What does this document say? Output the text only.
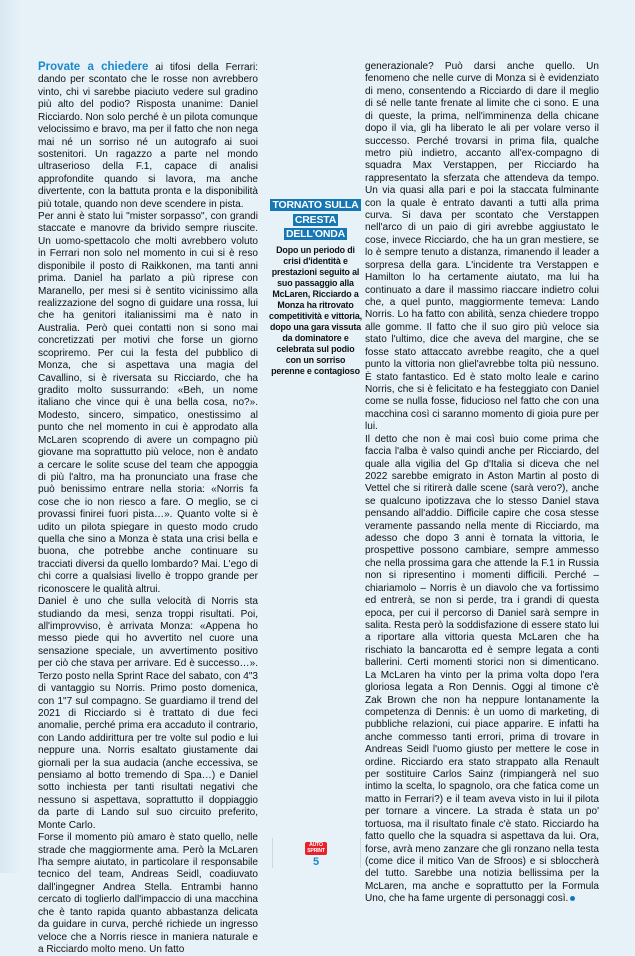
Provate a chiedere ai tifosi della Ferrari: dando per scontato che le rosse non avrebbero vinto, chi vi sarebbe piaciuto vedere sul gradino più alto del podio? Risposta unanime: Daniel Ricciardo. Non solo perché è un pilota comunque velocissimo e bravo, ma per il fatto che non nega mai né un sorriso né un autografo ai suoi sostenitori. Un ragazzo a parte nel mondo ultraserioso della F.1, capace di analisi approfondite quando si lavora, ma anche divertente, con la battuta pronta e la disponibilità più totale, quando non deve scendere in pista.

Per anni è stato lui "mister sorpasso", con grandi staccate e manovre da brivido sempre riuscite. Un uomo-spettacolo che molti avrebbero voluto in Ferrari non solo nel momento in cui si è reso disponibile il posto di Raikkonen, ma tanti anni prima. Daniel ha parlato a più riprese con Maranello, per mesi si è sentito vicinissimo alla realizzazione del sogno di guidare una rossa, lui che ha genitori italianissimi ma è nato in Australia. Però quei contatti non si sono mai concretizzati per motivi che forse un giorno scopriremo. Per cui la festa del pubblico di Monza, che si aspettava una magia del Cavallino, si è riversata su Ricciardo, che ha gradito molto sussurrando: «Beh, un nome italiano che vince qui è una bella cosa, no?». Modesto, sincero, simpatico, onestissimo al punto che nel momento in cui è approdato alla McLaren scoprendo di avere un compagno più giovane ma soprattutto più veloce, non è andato a cercare le solite scuse del team che appoggia di più l'altro, ma ha pronunciato una frase che può benissimo entrare nella storia: «Norris fa cose che io non riesco a fare. O meglio, se ci provassi finirei fuori pista…». Quanto volte si è udito un pilota spiegare in questo modo crudo quella che sino a Monza è stata una crisi bella e buona, che potrebbe anche continuare su tracciati diversi da quello lombardo? Mai. L'ego di chi corre a qualsiasi livello è troppo grande per riconoscere le qualità altrui.

Daniel è uno che sulla velocità di Norris sta studiando da mesi, senza troppi risultati. Poi, all'improvviso, è arrivata Monza: «Appena ho messo piede qui ho avvertito nel cuore una sensazione speciale, un avvertimento positivo per ciò che stava per arrivare. Ed è successo…». Terzo posto nella Sprint Race del sabato, con 4"3 di vantaggio su Norris. Primo posto domenica, con 1"7 sul compagno. Se guardiamo il trend del 2021 di Ricciardo si è trattato di due feci anomalie, perché prima era accaduto il contrario, con Lando addirittura per tre volte sul podio e lui neppure una. Norris esaltato giustamente dai giornali per la sua audacia (anche eccessiva, se pensiamo al botto tremendo di Spa…) e Daniel sotto inchiesta per tanti risultati negativi che nessuno si aspettava, soprattutto il doppiaggio da parte di Lando sul suo circuito preferito, Monte Carlo.

Forse il momento più amaro è stato quello, nelle strade che maggiormente ama. Però la McLaren l'ha sempre aiutato, in particolare il responsabile tecnico del team, Andreas Seidl, coadiuvato dall'ingegner Andrea Stella. Entrambi hanno cercato di toglierlo dall'impaccio di una macchina che è tanto rapida quanto abbastanza delicata da guidare in curva, perché richiede un ingresso veloce che a Norris riesce in maniera naturale e a Ricciardo molto meno. Un fatto

TORNATO SULLA CRESTA DELL'ONDA
Dopo un periodo di crisi d'identità e prestazioni seguito al suo passaggio alla McLaren, Ricciardo a Monza ha ritrovato competitività e vittoria, dopo una gara vissuta da dominatore e celebrata sul podio con un sorriso perenne e contagioso

generazionale? Può darsi anche quello. Un fenomeno che nelle curve di Monza si è evidenziato di meno, consentendo a Ricciardo di dare il meglio di sé nelle tante frenate al limite che ci sono. E una di queste, la prima, nell'imminenza della chicane dopo il via, gli ha liberato le ali per volare verso il successo. Perché trovarsi in prima fila, qualche metro più indietro, accanto all'ex-compagno di squadra Max Verstappen, per Ricciardo ha rappresentato la sferzata che attendeva da tempo. Un via quasi alla pari e poi la staccata fulminante con la quale è entrato davanti a tutti alla prima curva. Si dava per scontato che Verstappen nell'arco di un paio di giri avrebbe aggiustato le cose, invece Ricciardo, che ha un gran mestiere, se lo è sempre tenuto a distanza, rimanendo il leader a sorpresa della gara. L'incidente tra Verstappen e Hamilton lo ha certamente aiutato, ma lui ha continuato a dare il massimo riaccare indietro colui che, a quel punto, maggiormente temeva: Lando Norris. Lo ha fatto con abilità, senza chiedere troppo alle gomme. Il fatto che il suo giro più veloce sia stato l'ultimo, dice che aveva del margine, che se fosse stato attaccato avrebbe reagito, che a quel punto la vittoria non gliel'avrebbe tolta più nessuno. È stato fantastico. Ed è stato molto leale e carino Norris, che si è felicitato e ha festeggiato con Daniel come se nulla fosse, fiducioso nel fatto che con una macchina così ci saranno momento di gioia pure per lui.

Il detto che non è mai così buio come prima che faccia l'alba è valso quindi anche per Ricciardo, del quale alla vigilia del Gp d'Italia si diceva che nel 2022 sarebbe emigrato in Aston Martin al posto di Vettel che si ritirerà dalle scene (sarà vero?), anche se qualcuno ipotizzava che lo stesso Daniel stava pensando all'addio. Difficile capire che cosa stesse veramente passando nella mente di Ricciardo, ma adesso che dopo 3 anni è tornata la vittoria, le prospettive possono cambiare, sempre ammesso che nella prossima gara che attende la F.1 in Russia non si ripresentino i momenti difficili. Perché – chiariamolo – Norris è un diavolo che va fortissimo ed entrerà, se non si perde, tra i grandi di questa epoca, per cui il percorso di Daniel sarà sempre in salita. Resta però la soddisfazione di essere stato lui a riportare alla vittoria questa McLaren che ha rischiato la bancarotta ed è sempre legata a conti ballerini. Certi momenti storici non si dimenticano. La McLaren ha vinto per la prima volta dopo l'era gloriosa legata a Ron Dennis. Oggi al timone c'è Zak Brown che non ha neppure lontanamente la competenza di Dennis: è un uomo di marketing, di pubbliche relazioni, cui piace apparire. E infatti ha anche commesso tanti errori, prima di trovare in Andreas Seidl l'uomo giusto per mettere le cose in ordine. Ricciardo era stato strappato alla Renault per sostituire Carlos Sainz (rimpiangerà nel suo intimo la scelta, lo spagnolo, ora che fatica come un matto in Ferrari?) e il team aveva visto in lui il pilota per tornare a vincere. La strada è stata un po' tortuosa, ma il risultato finale c'è stato. Ricciardo ha fatto quello che la squadra si aspettava da lui. Ora, forse, avrà meno zanzare che gli ronzano nella testa (come dice il mitico Van de Sfroos) e si sbloccherà del tutto. Sarebbe una notizia bellissima per la McLaren, ma anche e soprattutto per la Formula Uno, che ha fame urgente di personaggi così.

AUTO
SPRINT
5
